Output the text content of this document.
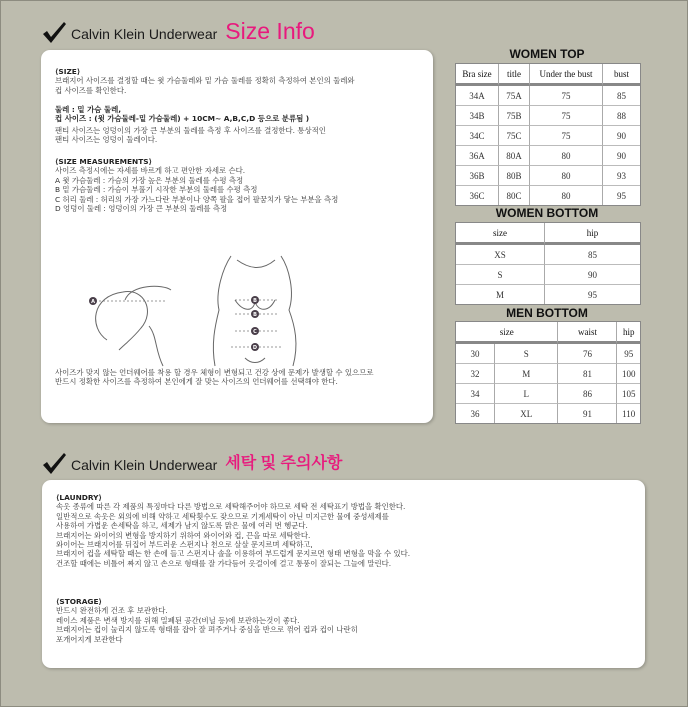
Calvin Klein Underwear Size Info

⟨SIZE⟩

브래지어 사이즈를 결정할 때는 윗 가슴둘레와 밑 가슴 둘레를 정확히 측정하여 본인의 둘레와

컵 사이즈를 확인한다.

둘레 : 밑 가슴 둘레,

컵 사이즈 : (윗 가슴둘레-밑 가슴둘레) + 10CM~ A,B,C,D 등으로 분류됨 )

팬티 사이즈는 엉덩이의 가장 큰 부분의 둘레를 측정 후 사이즈를 결정한다. 통상적인

팬티 사이즈는 엉덩이 둘레이다.

⟨SIZE MEASUREMENTS⟩

사이즈 측정시에는 자세를 바르게 하고 편안한 자세로 슨다.

A 윗 가슴둘레 : 가슴의 가장 높은 부분의 둘레를 수평 측정

B 밑 가슴둘레 : 가슴이 부풀기 시작한 부분의 둘레를 수평 측정

C 허리 둘레 : 허리의 가장 가느다란 부분이나 양쪽 팔을 접어 팔꿈치가 닿는 부분을 측정

D 엉덩이 둘레 : 엉덩이의 가장 큰 부분의 둘레를 측정

A	B
B
C
D

사이즈가 맞지 않는 언더웨어를 착용 할 경우 체형이 변형되고 건강 상에 문제가 발생할 수 있으므로

반드시 정확한 사이즈를 측정하여 본인에게 잘 맞는 사이즈의 언더웨어를 선택해야 한다.

WOMEN TOP
Bra size	title	Under the bust	bust
34A	75A	75	85
34B	75B	75	88
34C	75C	75	90
36A	80A	80	90
36B	80B	80	93
36C	80C	80	95
WOMEN BOTTOM
size	hip
XS	85
S	90
M	95
MEN BOTTOM
size		waist	hip
30	S	76	95
32	M	81	100
34	L	86	105
36	XL	91	110
Calvin Klein Underwear 세탁 및 주의사항

⟨LAUNDRY⟩

속옷 종류에 따른 각 제품의 특징마다 다른 방법으로 세탁해주어야 하므로 세탁 전 세탁표기 방법을 확인한다.

일반적으로 속옷은 외의에 비해 약하고 세탁횟수도 잦으므로 기계세탁이 아닌 미지근한 물에 중성세제를

사용하여 가볍운 손세탁을 하고, 세제가 남지 않도록 맑은 물에 여러 번 헹군다.

브래지어는 와이어의 변형을 방지하기 위하여 와이어와 컵, 끈을 따로 세탁한다.

와이어는 브래지어를 뒤집어 부드러운 스펀지나 천으로 살살 문지르며 세탁하고,

브래지어 컵을 세탁할 때는 한 손에 들고 스펀지나 솔을 이용하여 부드럽게 문지르면 형태 변형을 막을 수 있다.

건조할 때에는 비틀어 짜지 않고 손으로 형태를 잘 가다듬어 옷걸이에 걸고 통풍이 잘되는 그늘에 말린다.

⟨STORAGE⟩

반드시 완전하게 건조 후 보관한다.

레이스 제품은 변색 방지를 위해 밀폐된 공간(비닐 등)에 보관하는것이 좋다.

브래지어는 컵이 눌리지 않도록 형태를 잡아 잘 펴주거나 중심을 반으로 꺾어 컵과 컵이 나란히

포개어지게 보관한다
